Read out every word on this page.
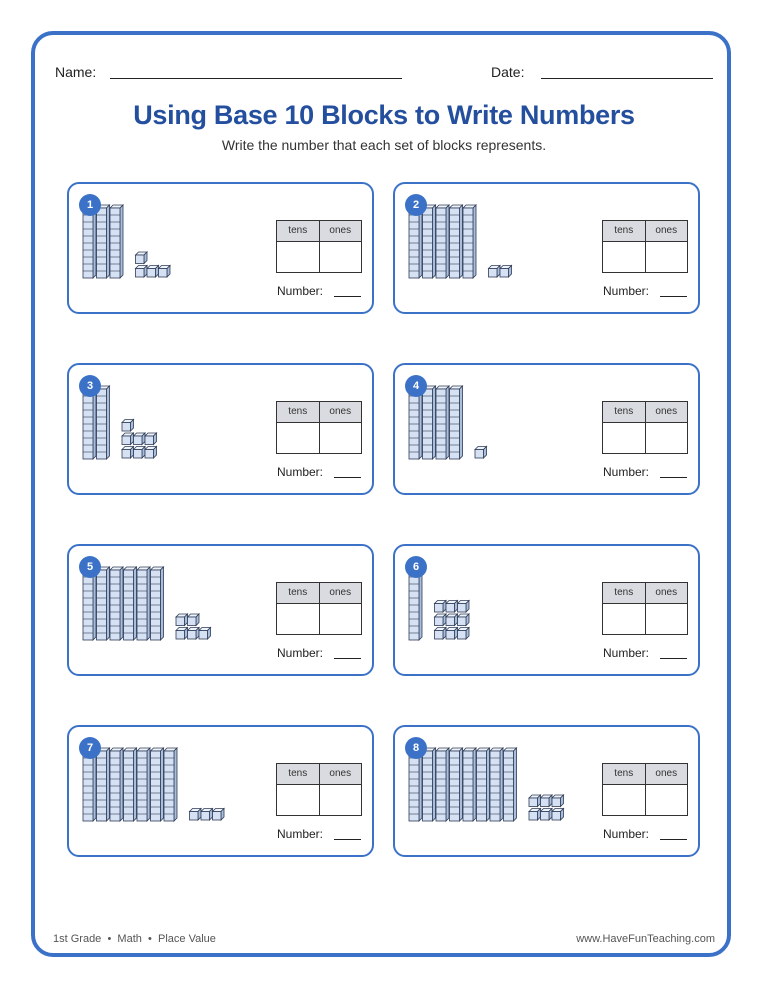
Name:	Date:
Using Base 10 Blocks to Write Numbers
Write the number that each set of blocks represents.
1
tens	ones
Number:
2
tens	ones
Number:
3
tens	ones
Number:
4
tens	ones
Number:
5
tens	ones
Number:
6
tens	ones
Number:
7
tens	ones
Number:
8
tens	ones
Number:
1st Grade • Math • Place Value	www.HaveFunTeaching.com
